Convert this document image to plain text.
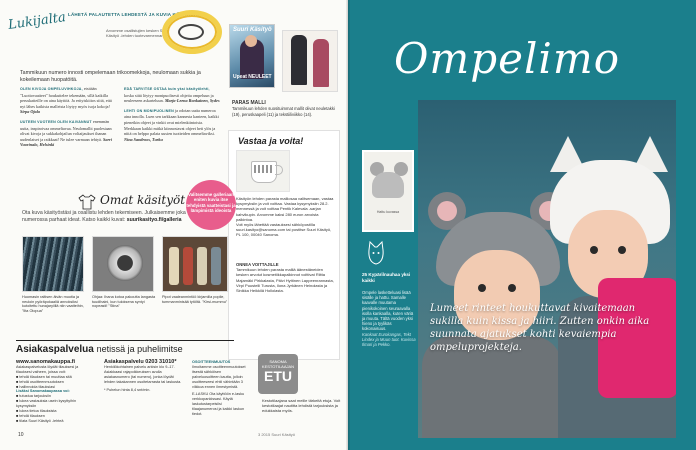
Lukijalta LÄHETÄ PALAUTETTA LEHDESTÄ JA KUVIA KÄSITÖISTÄ!
Arvomme osallistujien kesken Suuri Käsityö -lehden tuotevarmennan.
Suuri Käsityö
Upeat NEULEET
Tammikuun numero innosti ompelemaan trikoomekkoja, neulomaan sukkia ja kokeilemaan huopatöitä.

OLEN KIVOJA OMPELUVIHKOJA, etsitään "Luottovaatteet" houkuttelee tekemään, sillä kaikilla peruskatteille on aina käyttöä. Ja erityiskiitos siitä, että nyt lähes kaikista malleista löytyy myös isoja kokoja! Sirpa Ojala

UUTEEN VUOTEEN OLEN KAIVANNUT enemmän uutta, inspiroivaa ommeltavaa. Neulomallit puolestaan olivat kivoja ja sukkakohjailun voltaijaukset ihanan uudenlaiset ja raikkaat! Ne tulee varmaan tehtyä. Sarri Vuorinalo, Helsinki

EDÄ TARVITSE OSTAA kuin yksi käsityölehti, koska siitä löytyy monipuolisesti ohjeita ompeluun ja neuleeseen askarteluun. Marja-Leena Ronkainen, Sydes

LEHTI ON MONIPUOLINEN ja odotan uutta numeroa aina innolla. Luen sen tarkkaan kannesta kanteen, kaikki pienetkin ohjeet ja vinkit ovat mielenkiintoisia. Merkkaan kaikki mitkä kiinnostavat ohjeet heti ylös ja niitä on helppo palata uusien tuotteiden ommeltaviksi. Nina Sandroos, Turku

PARAS MALLI
Tammikuun lehden suosituimmat mallit olivat neuletakki (19), peruskaapeli (11) ja tekstiiliviikko (14).
Vastaa ja voita!
Käsityön lehden parasta malliosaa valitsemaan, vastaa kysymyksiin ja voit voittaa. Vastaa kysymyksiin 28.2. mennessä ja voit voittaa Pentik Kalevala -sarjan kahvikupin. Arvomme kaksi 280 euron arvoista palkintoa.
Voit myös lähettää vastauksesi sähköpostilla suuri.kasityo@sanoma.com tai postitse Suuri Käsityö, PL 100, 00040 Sanoma.
ONNEA VOITTAJILLE
Tammikuun lehden parasta malliä äänestäneiden kesken arvotut kosmetiikkapalkinnot voittivat Riitta Majamäki Pirkkalasta, Päivi Hyttinen Lappeenrannasta, Virpi Puustelli Turusta, Ilona Jyrkänen Heinolasta ja Sinikka Heikkilä Hollolasta.
Valitsemme galleriaan eniten kuvia itse tehdyistä vaatteistasi ja lämpimistä ideoista
Omat käsityöt
Ota kuva käsityöstäsi ja osallistu lehden tekemiseen. Julkaisemme joka numerossa parhaat ideat. Katso kaikki kuvat: suurikasityo.fi/galleria
Huomasin raitisen äivän muotia ja neuloin pyöräpokaaliä annoksiksi kutoitettu hunajaryiillä niin vaatteihin, "Ilta Olopua"
Ohjaa: Ihana kotoa pakoutta langasta tuudihaini, kun tuloksena syntyi nopeasti! "Stina"
Pipot vaaleanmintöö kirjamilla poplie, tummanminisää tytöltä. "Kirsi-mummu"
Asiakaspalvelua netissä ja puhelimitse
www.sanomakauppa.fi
Asiakaspalvelusta löydät tilauksesi ja tilauksesi vaiheen, joissa voit:
■ tehdä tilauksen tai muuttaa sitä
■ tehdä osoitteenmuutoksen
■ hallinnoida tilauksiasi
Lisäksi Sanomakaupassa voi:
■ tutustua tarjouksiin
■ lukea vastauksia usein kysyttyihin kysymyksiin
■ lukea tietoa tilauksista
■ tehdä tilauksen
■ tilata Suuri Käsityö -lehteä
Asiakaspalvelu 0203 31010*
Henkilökohtainen palvelu arkisin klo 9–17. Asiakkaasi rajapoikkeuksen avulla asiakasnumero (tai numero), jonka löydät lehden takakannen osoitetarrasta tai laskusta.
* Puhelun hinta 8,4 snt/min.
OSOITTEENMUUTOS
Ilmoitamme osoitteenmuutokset itsestä sähköisen palveluosoitteen kautta, jolloin osoitteeseesi ehtii vähintään 3 viikkoa ennen ilmestymistä.
E-LASKU Ota käyttöön e-lasku verkkopankissasi. Käytä laskutustarpeisiisi tilaajanumerosi ja kaikki laskun tiedot.
SANOMA KESTOTILAAJAN
ETU
Kestotilaajana saat meille tärkeitä etuja. Voit kestotilaajat nautitta lehdistä tarjouksista ja edukkaista myös.
10	3 2015 Suuri Käsityö
Ompelimo
Hattu kuvassa
25 Kypärilnauhaa yksi kaikki
Ompele lasketteluasi lisää sisälle ja hattu. Samalle kaavalle muutama pienikokoinen seuraavalla isolla kankaalla, kuten väriä ja muuta. Tältä vuoden yksi hieno ja tyylikäs kokonaisuus.
Kankaat Eurokangas, Tekt Lindex ja Muun tuot. Kuvissa Ilmari ja Pekko.
Lumeet rinteet houkuttavat kivaitemaan sukilla kuin kissa ja hiiri. Zutten onkin aika suunnata ajatukset kohti kevaiempia ompeluprojekteja.
